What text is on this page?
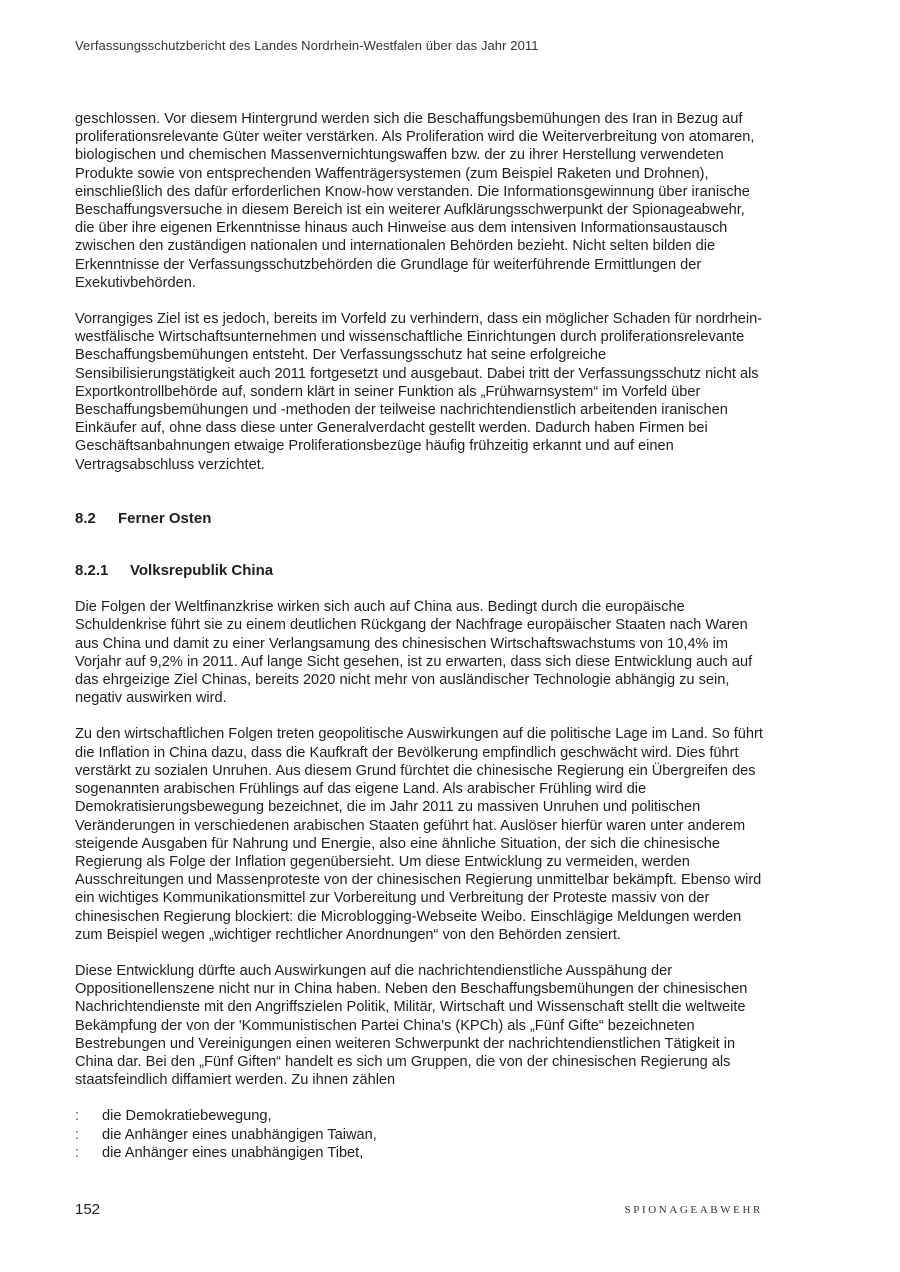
Verfassungsschutzbericht des Landes Nordrhein-Westfalen über das Jahr 2011

geschlossen. Vor diesem Hintergrund werden sich die Beschaffungsbemühungen des Iran in Bezug auf proliferationsrelevante Güter weiter verstärken. Als Proliferation wird die Weiterverbreitung von atomaren, biologischen und chemischen Massenvernichtungswaffen bzw. der zu ihrer Herstellung verwendeten Produkte sowie von entsprechenden Waffenträgersystemen (zum Beispiel Raketen und Drohnen), einschließlich des dafür erforderlichen Know-how verstanden. Die Informationsgewinnung über iranische Beschaffungsversuche in diesem Bereich ist ein weiterer Aufklärungsschwerpunkt der Spionageabwehr, die über ihre eigenen Erkenntnisse hinaus auch Hinweise aus dem intensiven Informationsaustausch zwischen den zuständigen nationalen und internationalen Behörden bezieht. Nicht selten bilden die Erkenntnisse der Verfassungsschutzbehörden die Grundlage für weiterführende Ermittlungen der Exekutivbehörden.

Vorrangiges Ziel ist es jedoch, bereits im Vorfeld zu verhindern, dass ein möglicher Schaden für nordrhein-westfälische Wirtschaftsunternehmen und wissenschaftliche Einrichtungen durch proliferationsrelevante Beschaffungsbemühungen entsteht. Der Verfassungsschutz hat seine erfolgreiche Sensibilisierungstätigkeit auch 2011 fortgesetzt und ausgebaut. Dabei tritt der Verfassungsschutz nicht als Exportkontrollbehörde auf, sondern klärt in seiner Funktion als „Frühwarnsystem“ im Vorfeld über Beschaffungsbemühungen und -methoden der teilweise nachrichtendienstlich arbeitenden iranischen Einkäufer auf, ohne dass diese unter Generalverdacht gestellt werden. Dadurch haben Firmen bei Geschäftsanbahnungen etwaige Proliferationsbezüge häufig frühzeitig erkannt und auf einen Vertragsabschluss verzichtet.

8.2	Ferner Osten
8.2.1	Volksrepublik China

Die Folgen der Weltfinanzkrise wirken sich auch auf China aus. Bedingt durch die europäische Schuldenkrise führt sie zu einem deutlichen Rückgang der Nachfrage europäischer Staaten nach Waren aus China und damit zu einer Verlangsamung des chinesischen Wirtschaftswachstums von 10,4% im Vorjahr auf 9,2% in 2011. Auf lange Sicht gesehen, ist zu erwarten, dass sich diese Entwicklung auch auf das ehrgeizige Ziel Chinas, bereits 2020 nicht mehr von ausländischer Technologie abhängig zu sein, negativ auswirken wird.

Zu den wirtschaftlichen Folgen treten geopolitische Auswirkungen auf die politische Lage im Land. So führt die Inflation in China dazu, dass die Kaufkraft der Bevölkerung empfindlich geschwächt wird. Dies führt verstärkt zu sozialen Unruhen. Aus diesem Grund fürchtet die chinesische Regierung ein Übergreifen des sogenannten arabischen Frühlings auf das eigene Land. Als arabischer Frühling wird die Demokratisierungsbewegung bezeichnet, die im Jahr 2011 zu massiven Unruhen und politischen Veränderungen in verschiedenen arabischen Staaten geführt hat. Auslöser hierfür waren unter anderem steigende Ausgaben für Nahrung und Energie, also eine ähnliche Situation, der sich die chinesische Regierung als Folge der Inflation gegenübersieht. Um diese Entwicklung zu vermeiden, werden Ausschreitungen und Massenproteste von der chinesischen Regierung unmittelbar bekämpft. Ebenso wird ein wichtiges Kommunikationsmittel zur Vorbereitung und Verbreitung der Proteste massiv von der chinesischen Regierung blockiert: die Microblogging-Webseite Weibo. Einschlägige Meldungen werden zum Beispiel wegen „wichtiger rechtlicher Anordnungen“ von den Behörden zensiert.

Diese Entwicklung dürfte auch Auswirkungen auf die nachrichtendienstliche Ausspähung der Oppositionellenszene nicht nur in China haben. Neben den Beschaffungsbemühungen der chinesischen Nachrichtendienste mit den Angriffszielen Politik, Militär, Wirtschaft und Wissenschaft stellt die weltweite Bekämpfung der von der 'Kommunistischen Partei China's (KPCh) als „Fünf Gifte“ bezeichneten Bestrebungen und Vereinigungen einen weiteren Schwerpunkt der nachrichtendienstlichen Tätigkeit in China dar. Bei den „Fünf Giften“ handelt es sich um Gruppen, die von der chinesischen Regierung als staatsfeindlich diffamiert werden. Zu ihnen zählen

:	die Demokratiebewegung,
:	die Anhänger eines unabhängigen Taiwan,
:	die Anhänger eines unabhängigen Tibet,
152	SPIONAGEABWEHR
